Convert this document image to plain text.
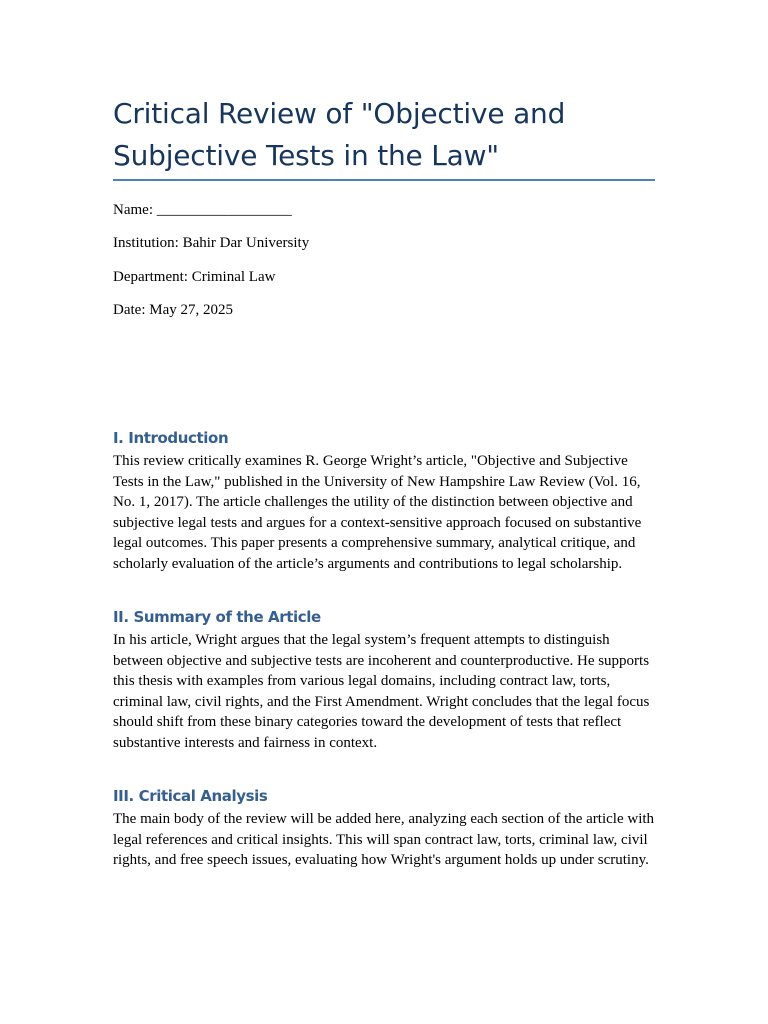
Critical Review of "Objective and Subjective Tests in the Law"

Name: __________________

Institution: Bahir Dar University

Department: Criminal Law

Date: May 27, 2025

I. Introduction

This review critically examines R. George Wright’s article, "Objective and Subjective Tests in the Law," published in the University of New Hampshire Law Review (Vol. 16, No. 1, 2017). The article challenges the utility of the distinction between objective and subjective legal tests and argues for a context-sensitive approach focused on substantive legal outcomes. This paper presents a comprehensive summary, analytical critique, and scholarly evaluation of the article’s arguments and contributions to legal scholarship.

II. Summary of the Article

In his article, Wright argues that the legal system’s frequent attempts to distinguish between objective and subjective tests are incoherent and counterproductive. He supports this thesis with examples from various legal domains, including contract law, torts, criminal law, civil rights, and the First Amendment. Wright concludes that the legal focus should shift from these binary categories toward the development of tests that reflect substantive interests and fairness in context.

III. Critical Analysis

The main body of the review will be added here, analyzing each section of the article with legal references and critical insights. This will span contract law, torts, criminal law, civil rights, and free speech issues, evaluating how Wright's argument holds up under scrutiny.
